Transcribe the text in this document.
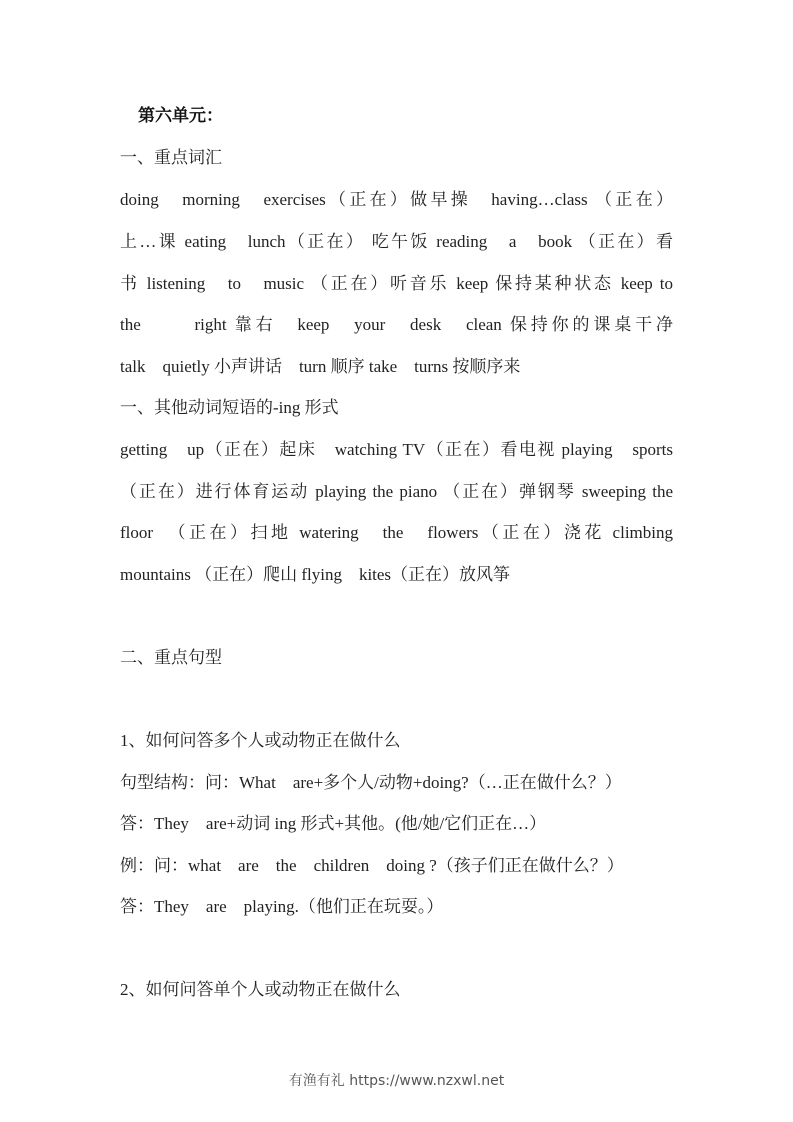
第六单元：
一、重点词汇
doing　morning　exercises（正在）做早操　having…class （正在）
上…课 eating　lunch（正在） 吃午饭 reading　a　book （正在）看
书 listening　to　music （正在）听音乐 keep 保持某种状态 keep to
the　　 right 靠右　keep　your　desk　clean 保持你的课桌干净
talk　quietly 小声讲话　turn 顺序 take　turns 按顺序来
一、其他动词短语的-ing 形式
getting　up（正在）起床　watching TV（正在）看电视 playing　sports
（正在）进行体育运动 playing the piano （正在）弹钢琴 sweeping the
floor　（正在）扫地 watering　the　flowers（正在）浇花 climbing
mountains （正在）爬山 flying　kites（正在）放风筝
二、重点句型
1、如何问答多个人或动物正在做什么
句型结构：问：What　are+多个人/动物+doing?（…正在做什么？）
答：They　are+动词 ing 形式+其他。(他/她/它们正在…）
例：问：what　are　the　children　doing ?（孩子们正在做什么？）
答：They　are　playing.（他们正在玩耍。）
2、如何问答单个人或动物正在做什么
有渔有礼 https://www.nzxwl.net
